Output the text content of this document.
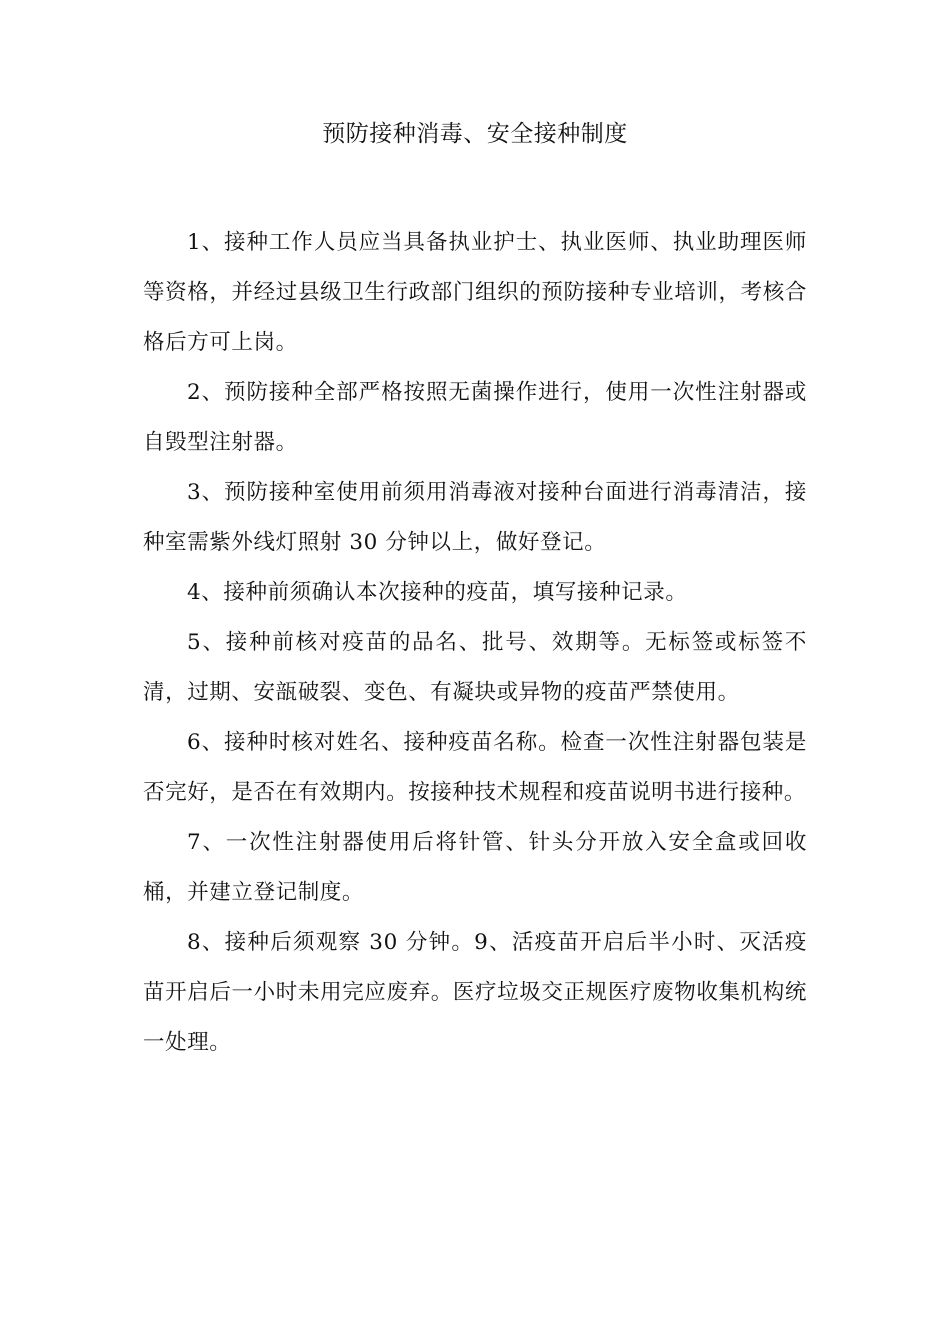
预防接种消毒、安全接种制度

1、接种工作人员应当具备执业护士、执业医师、执业助理医师等资格，并经过县级卫生行政部门组织的预防接种专业培训，考核合格后方可上岗。

2、预防接种全部严格按照无菌操作进行，使用一次性注射器或自毁型注射器。

3、预防接种室使用前须用消毒液对接种台面进行消毒清洁，接种室需紫外线灯照射 30 分钟以上，做好登记。

4、接种前须确认本次接种的疫苗，填写接种记录。

5、接种前核对疫苗的品名、批号、效期等。无标签或标签不清，过期、安瓿破裂、变色、有凝块或异物的疫苗严禁使用。

6、接种时核对姓名、接种疫苗名称。检查一次性注射器包装是否完好，是否在有效期内。按接种技术规程和疫苗说明书进行接种。

7、一次性注射器使用后将针管、针头分开放入安全盒或回收桶，并建立登记制度。

8、接种后须观察 30 分钟。9、活疫苗开启后半小时、灭活疫苗开启后一小时未用完应废弃。医疗垃圾交正规医疗废物收集机构统一处理。
